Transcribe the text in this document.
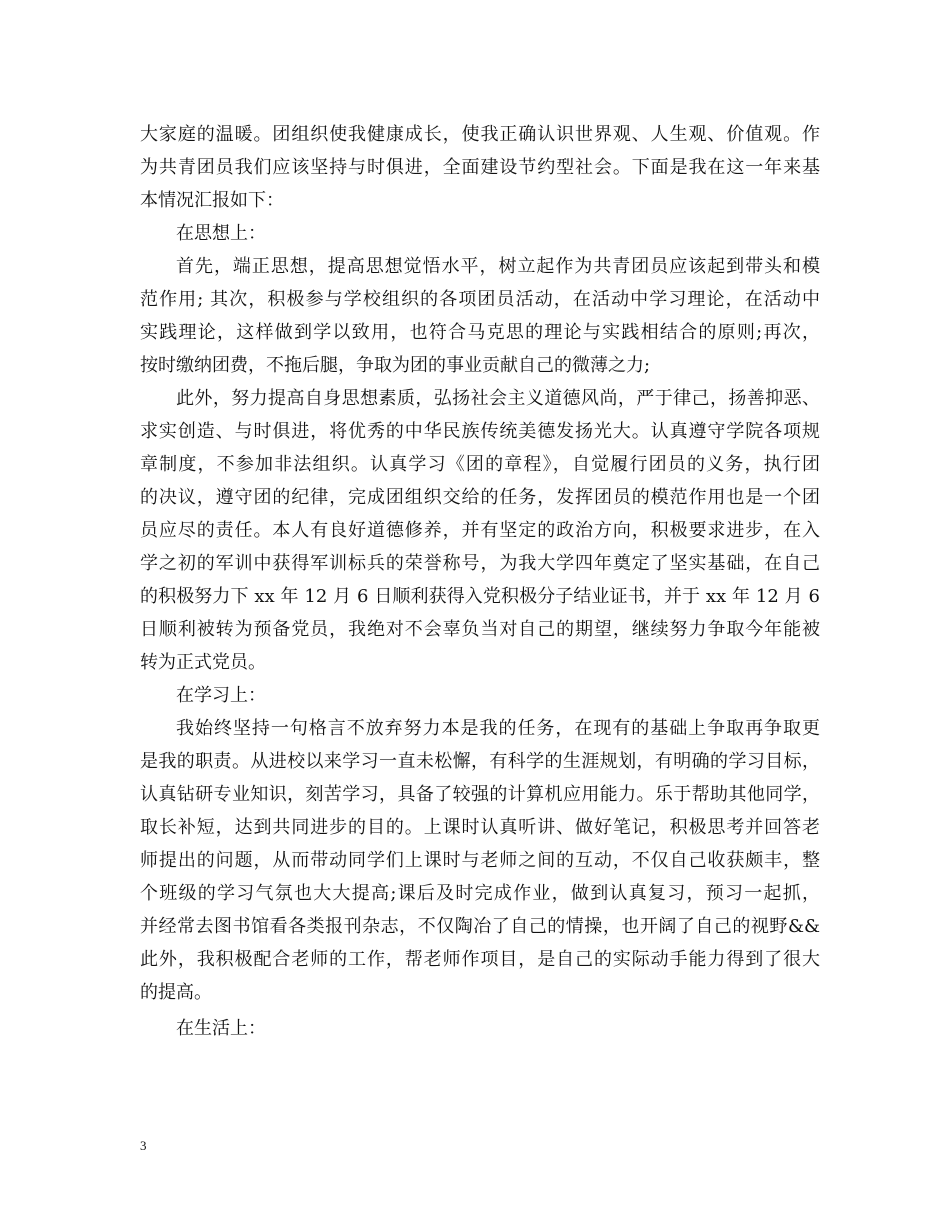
大家庭的温暖。团组织使我健康成长，使我正确认识世界观、人生观、价值观。作
为共青团员我们应该坚持与时俱进，全面建设节约型社会。下面是我在这一年来基
本情况汇报如下：
在思想上：
首先，端正思想，提高思想觉悟水平，树立起作为共青团员应该起到带头和模
范作用; 其次，积极参与学校组织的各项团员活动，在活动中学习理论，在活动中
实践理论，这样做到学以致用，也符合马克思的理论与实践相结合的原则;再次，
按时缴纳团费，不拖后腿，争取为团的事业贡献自己的微薄之力;
此外，努力提高自身思想素质，弘扬社会主义道德风尚，严于律己，扬善抑恶、
求实创造、与时俱进，将优秀的中华民族传统美德发扬光大。认真遵守学院各项规
章制度，不参加非法组织。认真学习《团的章程》，自觉履行团员的义务，执行团
的决议，遵守团的纪律，完成团组织交给的任务，发挥团员的模范作用也是一个团
员应尽的责任。本人有良好道德修养，并有坚定的政治方向，积极要求进步，在入
学之初的军训中获得军训标兵的荣誉称号，为我大学四年奠定了坚实基础，在自己
的积极努力下 xx 年 12 月 6 日顺利获得入党积极分子结业证书，并于 xx 年 12 月 6
日顺利被转为预备党员，我绝对不会辜负当对自己的期望，继续努力争取今年能被
转为正式党员。
在学习上：
我始终坚持一句格言不放弃努力本是我的任务，在现有的基础上争取再争取更
是我的职责。从进校以来学习一直未松懈，有科学的生涯规划，有明确的学习目标，
认真钻研专业知识，刻苦学习，具备了较强的计算机应用能力。乐于帮助其他同学，
取长补短，达到共同进步的目的。上课时认真听讲、做好笔记，积极思考并回答老
师提出的问题，从而带动同学们上课时与老师之间的互动，不仅自己收获颇丰，整
个班级的学习气氛也大大提高;课后及时完成作业，做到认真复习，预习一起抓，
并经常去图书馆看各类报刊杂志，不仅陶冶了自己的情操，也开阔了自己的视野&&
此外，我积极配合老师的工作，帮老师作项目，是自己的实际动手能力得到了很大
的提高。
在生活上：
3
